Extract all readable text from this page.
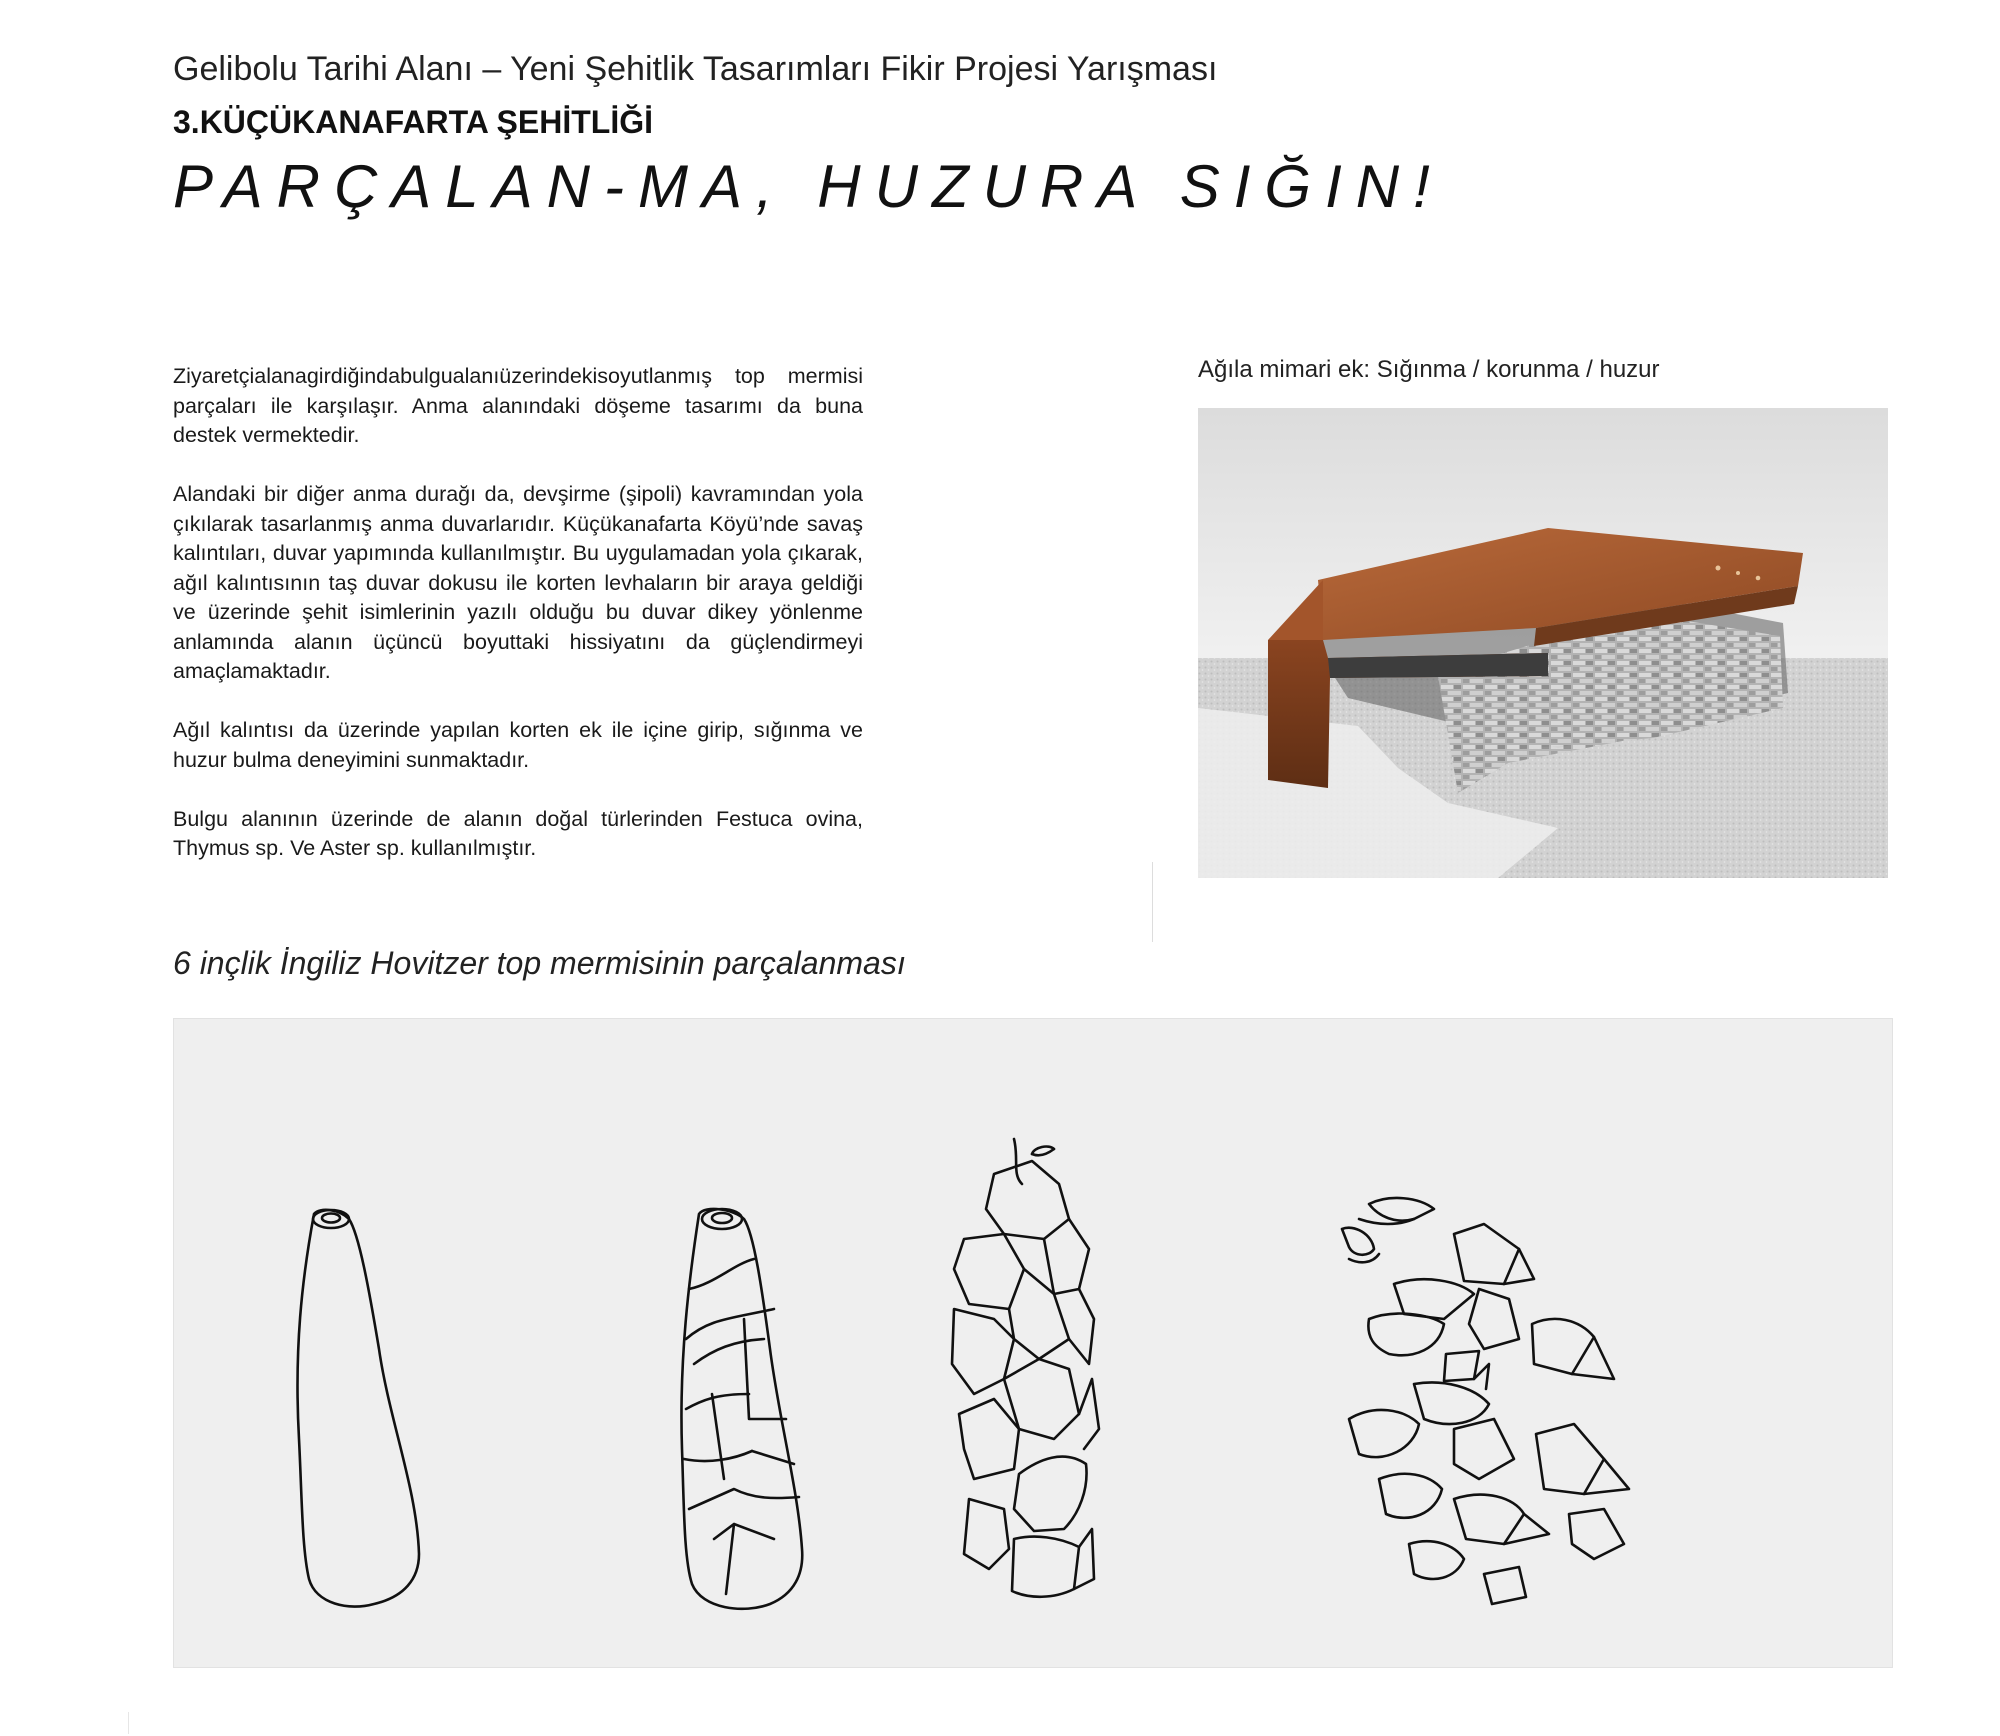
Gelibolu Tarihi Alanı – Yeni Şehitlik Tasarımları Fikir Projesi Yarışması
3.KÜÇÜKANAFARTA ŞEHİTLİĞİ
PARÇALAN-MA, HUZURA SIĞIN!

Ziyaretçialanagirdiğindabulgualanıüzerindekisoyutlanmış top mermisi parçaları ile karşılaşır. Anma alanındaki döşeme tasarımı da buna destek vermektedir.

Alandaki bir diğer anma durağı da, devşirme (şipoli) kavramından yola çıkılarak tasarlanmış anma duvarlarıdır. Küçükanafarta Köyü’nde savaş kalıntıları, duvar yapımında kullanılmıştır. Bu uygulamadan yola çıkarak, ağıl kalıntısının taş duvar dokusu ile korten levhaların bir araya geldiği ve üzerinde şehit isimlerinin yazılı olduğu bu duvar dikey yönlenme anlamında alanın üçüncü boyuttaki hissiyatını da güçlendirmeyi amaçlamaktadır.

Ağıl kalıntısı da üzerinde yapılan korten ek ile içine girip, sığınma ve huzur bulma deneyimini sunmaktadır.

Bulgu alanının üzerinde de alanın doğal türlerinden Festuca ovina, Thymus sp. Ve Aster sp. kullanılmıştır.

Ağıla mimari ek: Sığınma / korunma / huzur
6 inçlik İngiliz Hovitzer top mermisinin parçalanması
